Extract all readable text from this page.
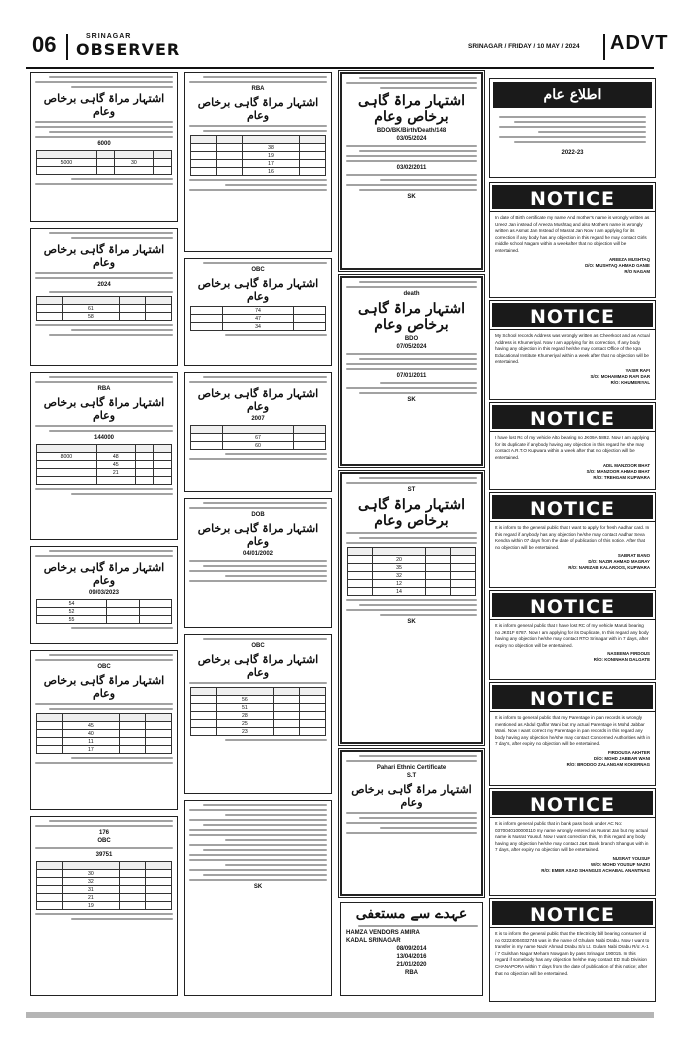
06	SRINAGAR
OBSERVER	SRINAGAR / FRIDAY / 10 MAY / 2024 ADVT
اشتہار مراۃ گاہی برخاص وعام
6000

5000		30	

اشتہار مراۃ گاہی برخاص وعام
2024

	61		
	58		
RBA
اشتہار مراۃ گاہی برخاص وعام
144000

8000	48		
	45		
	21		

اشتہار مراۃ گاہی برخاص وعام
09/03/2023
54		
52		
55		
OBC
اشتہار مراۃ گاہی برخاص وعام

	45		
	40		
	11		
	17		
176
OBC
39751

	30		
	32		
	31		
	21		
	19		
RBA
اشتہار مراۃ گاہی برخاص وعام

		38	
		19	
		17	
		16	
OBC
اشتہار مراۃ گاہی برخاص وعام
	74	
	47	
	34	
اشتہار مراۃ گاہی برخاص وعام
2007

	67	
	60	
DOB
اشتہار مراۃ گاہی برخاص وعام
04/01/2002
OBC
اشتہار مراۃ گاہی برخاص وعام

	56		
	51		
	28		
	25		
	23		
SK
اشتہار مراۃ گاہی برخاص وعام
BDO/BK/Birth/Death/148
03/05/2024
03/02/2011
SK
death
اشتہار مراۃ گاہی برخاص وعام
BDO
07/05/2024
07/01/2011
SK
ST
اشتہار مراۃ گاہی برخاص وعام

	20		
	35		
	32		
	12		
	14		
SK
Pahari Ethnic Certificate
S.T
اشتہار مراۃ گاہی برخاص وعام
عہدے سے مستعفی
HAMZA VENDORS AMIRA
KADAL SRINAGAR
08/09/2014
13/04/2016
21/01/2020
RBA
اطلاع عام
2022-23
NOTICE
In date of Birth certificate my name And mother's name is wrongly written as Ureez Jan instead of Areeza Mushtaq and also Mothers name is wrongly written as Asmat Jan Instead of Masrat Jan Now I am applying for its correction if any body has any objection in this regard he may contact Girls middle school Nagam within a weekafter that no objection will be entertained.
AREEZA MUSHTAQ
D/O: MUSHTAQ AHMAD GANIE
R/O NAGAM
NOTICE
My School records Address was wrongly written as Cheerkoot and as Actual Address is Khumeriyal. Now I am applying for its correction, If any body having any objection in this regard he/she may contact Office of the Iqra Educational Institute Khumeriyal within a week after that no objection will be entertained.
YASIR RAFI
S/O: MOHAMMAD RAFI DAR
R/O: KHUMERIYAL
NOTICE
I have lost Rc of my vehicle Alto bearing no JK09A 5892. Now I am applying for its duplicate if anybody having any objection in this regard he she may contact A.R.T.O Kupwara within a week after that no objection will be entertained.
ADIL MANZOOR BHAT
S/O: MANZOOR AHMAD BHAT
R/O: TREHGAM KUPWARA
NOTICE
It is inform to the general public that I want to apply for fresh Aadhar card. In this regard if anybody has any objection he/she may contact Aadhar Seva Kendra within 07 days from the date of publication of this notice. After that no objection will be entertained.
SABRAT BANO
D/O: NAZIR AHMAD MAGRAY
R/O: NARIZAB KALAROOS, KUPWARA
NOTICE
It is inform general public that I have lost RC of my vehicle Maruti bearing no JK01F 6787. Now I am applying for its Duplicate, In this regard any body having any objection he/she may contact RTO Srinagar with in 7 days, after expiry no objection will be entertained.
NASEEMA FIRDOUS
R/O: KONINHAN DALGATE
NOTICE
It is inform to general public that my Parentage in pan records is wrongly mentioned as Abdul Qaffar Wani but my actual Parentage is Mohd Jabbar Wani. Now I want correct my Parentage in pan records in this regard any body having any objection he/she may contact Concerned Authorities with in 7 day's, after expiry no objection will be entertained.
FIRDOUSA AKHTER
D/O: MOHD JABBAR WANI
R/O: BRODOO ZALANGAM KOKERNAG
NOTICE
It is inform general public that in bank pass book under AC No: 0370040100000110 my name wrongly entered as Nusrat Jan but my actual name is Nusrat Yousuf. Now I want correction this, In this regard any body having any objection he/she may contact J&K Bank branch Shangus with in 7 days, after expiry no objection will be entertained.
NUSRAT YOUSUF
W/O: MOHD YOUSUF NAZKI
R/O: EMER ASAD SHANGUS ACHABAL ANANTNAG
NOTICE
It is to inform the general public that the Electricity bill bearing consumer id no 02224004032746 was in the name of Ghulam Nabi Drabu. Now I want to transfer in my name Nazir Ahmad Drabu S/o Lt. Gulam Nabi Drabu R/o: A-1 / 7 Gulshan Nagar Meharn Nowgam by pass Srinagar 190015. In this regard if somebody has any objection he/she may contact ED Sub Division CHANAPORA within 7 days from the date of publication of this notice; after that no objection will be entertained.
